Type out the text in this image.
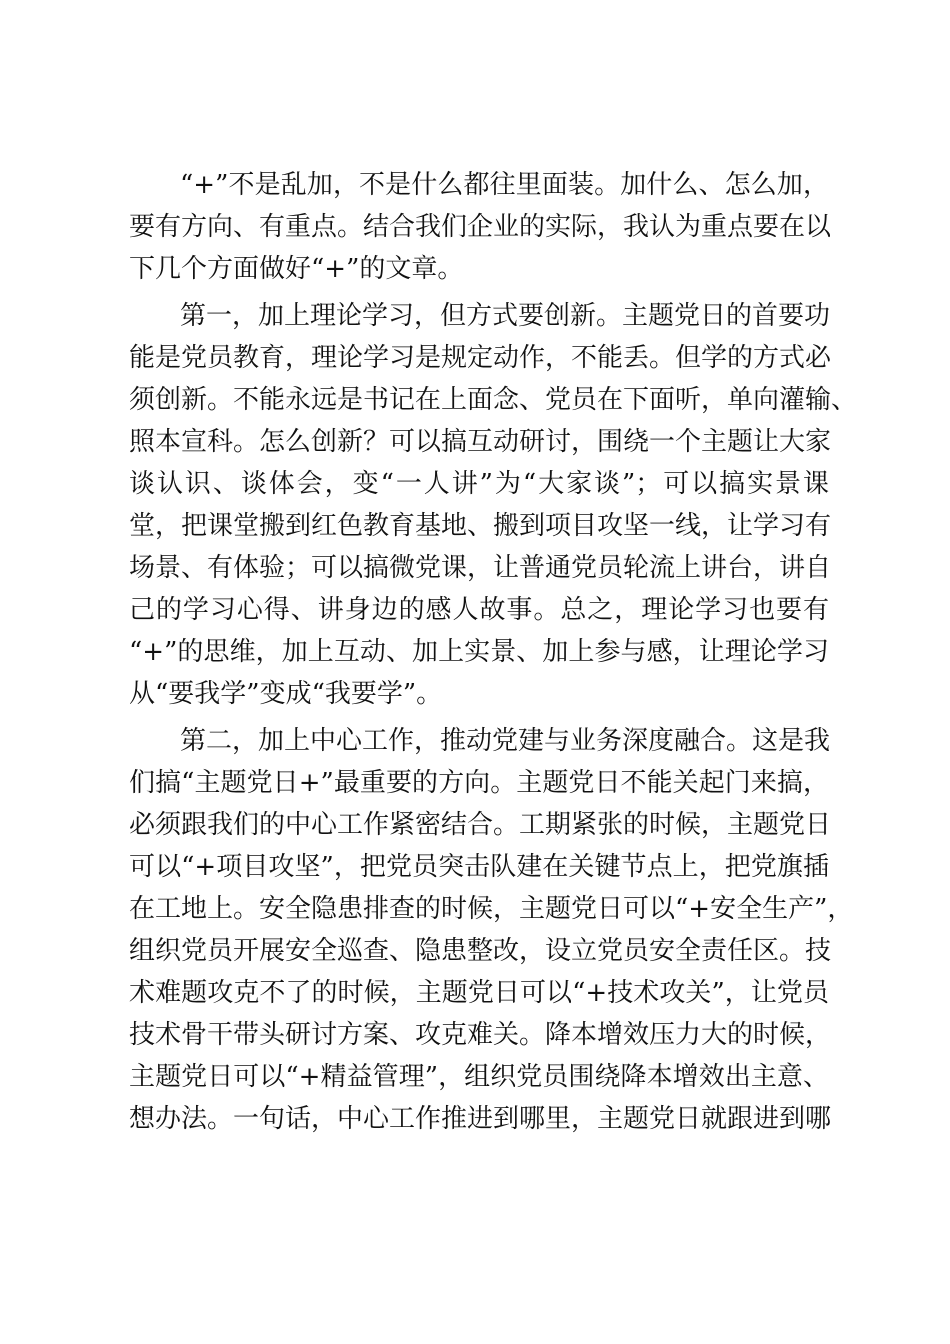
“+”不是乱加，不是什么都往里面装。加什么、怎么加，

要有方向、有重点。结合我们企业的实际，我认为重点要在以

下几个方面做好“+”的文章。

第一，加上理论学习，但方式要创新。主题党日的首要功

能是党员教育，理论学习是规定动作，不能丢。但学的方式必

须创新。不能永远是书记在上面念、党员在下面听，单向灌输、

照本宣科。怎么创新？可以搞互动研讨，围绕一个主题让大家

谈认识、谈体会，变“一人讲”为“大家谈”；可以搞实景课

堂，把课堂搬到红色教育基地、搬到项目攻坚一线，让学习有

场景、有体验；可以搞微党课，让普通党员轮流上讲台，讲自

己的学习心得、讲身边的感人故事。总之，理论学习也要有

“+”的思维，加上互动、加上实景、加上参与感，让理论学习

从“要我学”变成“我要学”。

第二，加上中心工作，推动党建与业务深度融合。这是我

们搞“主题党日+”最重要的方向。主题党日不能关起门来搞，

必须跟我们的中心工作紧密结合。工期紧张的时候，主题党日

可以“+项目攻坚”，把党员突击队建在关键节点上，把党旗插

在工地上。安全隐患排查的时候，主题党日可以“+安全生产”，

组织党员开展安全巡查、隐患整改，设立党员安全责任区。技

术难题攻克不了的时候，主题党日可以“+技术攻关”，让党员

技术骨干带头研讨方案、攻克难关。降本增效压力大的时候，

主题党日可以“+精益管理”，组织党员围绕降本增效出主意、

想办法。一句话，中心工作推进到哪里，主题党日就跟进到哪
